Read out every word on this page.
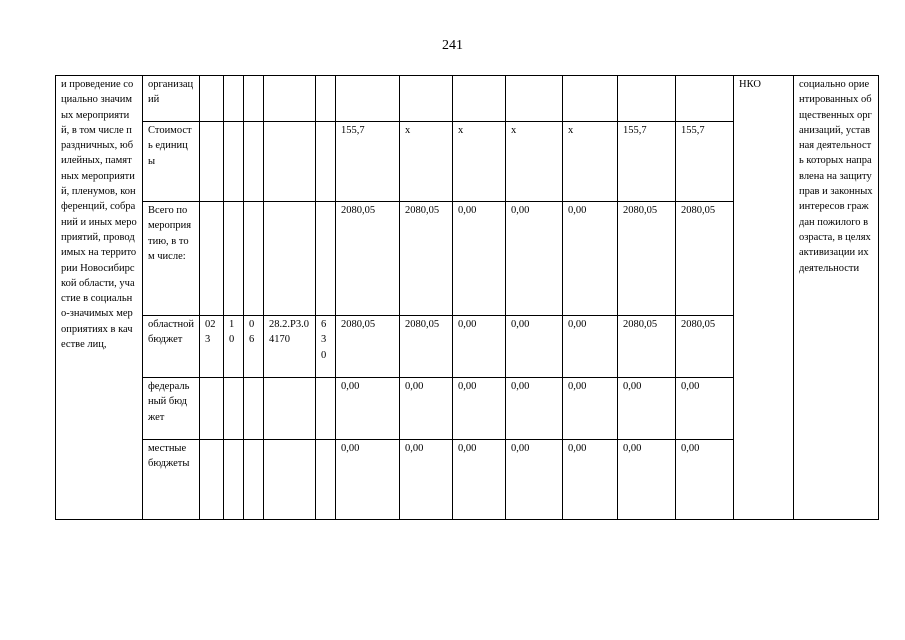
241
и проведение социально значимых мероприятий, в том числе праздничных, юбилейных, памятных мероприятий, пленумов, конференций, собраний и иных мероприятий, проводимых на территории Новосибирской области, участие в социально-значимых мероприятиях в качестве лиц,	организаций													НКО	социально ориентированных общественных организаций, уставная деятельность которых направлена на защиту прав и законных интересов граждан пожилого возраста, в целях активизации их деятельности
	Стоимость единицы						155,7	x	x	x	x	155,7	155,7		
	Всего по мероприятию, в том числе:						2080,05	2080,05	0,00	0,00	0,00	2080,05	2080,05		
	областной бюджет	023	10	06	28.2.Р3.04170	630	2080,05	2080,05	0,00	0,00	0,00	2080,05	2080,05		
	федеральный бюджет						0,00	0,00	0,00	0,00	0,00	0,00	0,00		
	местные бюджеты						0,00	0,00	0,00	0,00	0,00	0,00	0,00		
